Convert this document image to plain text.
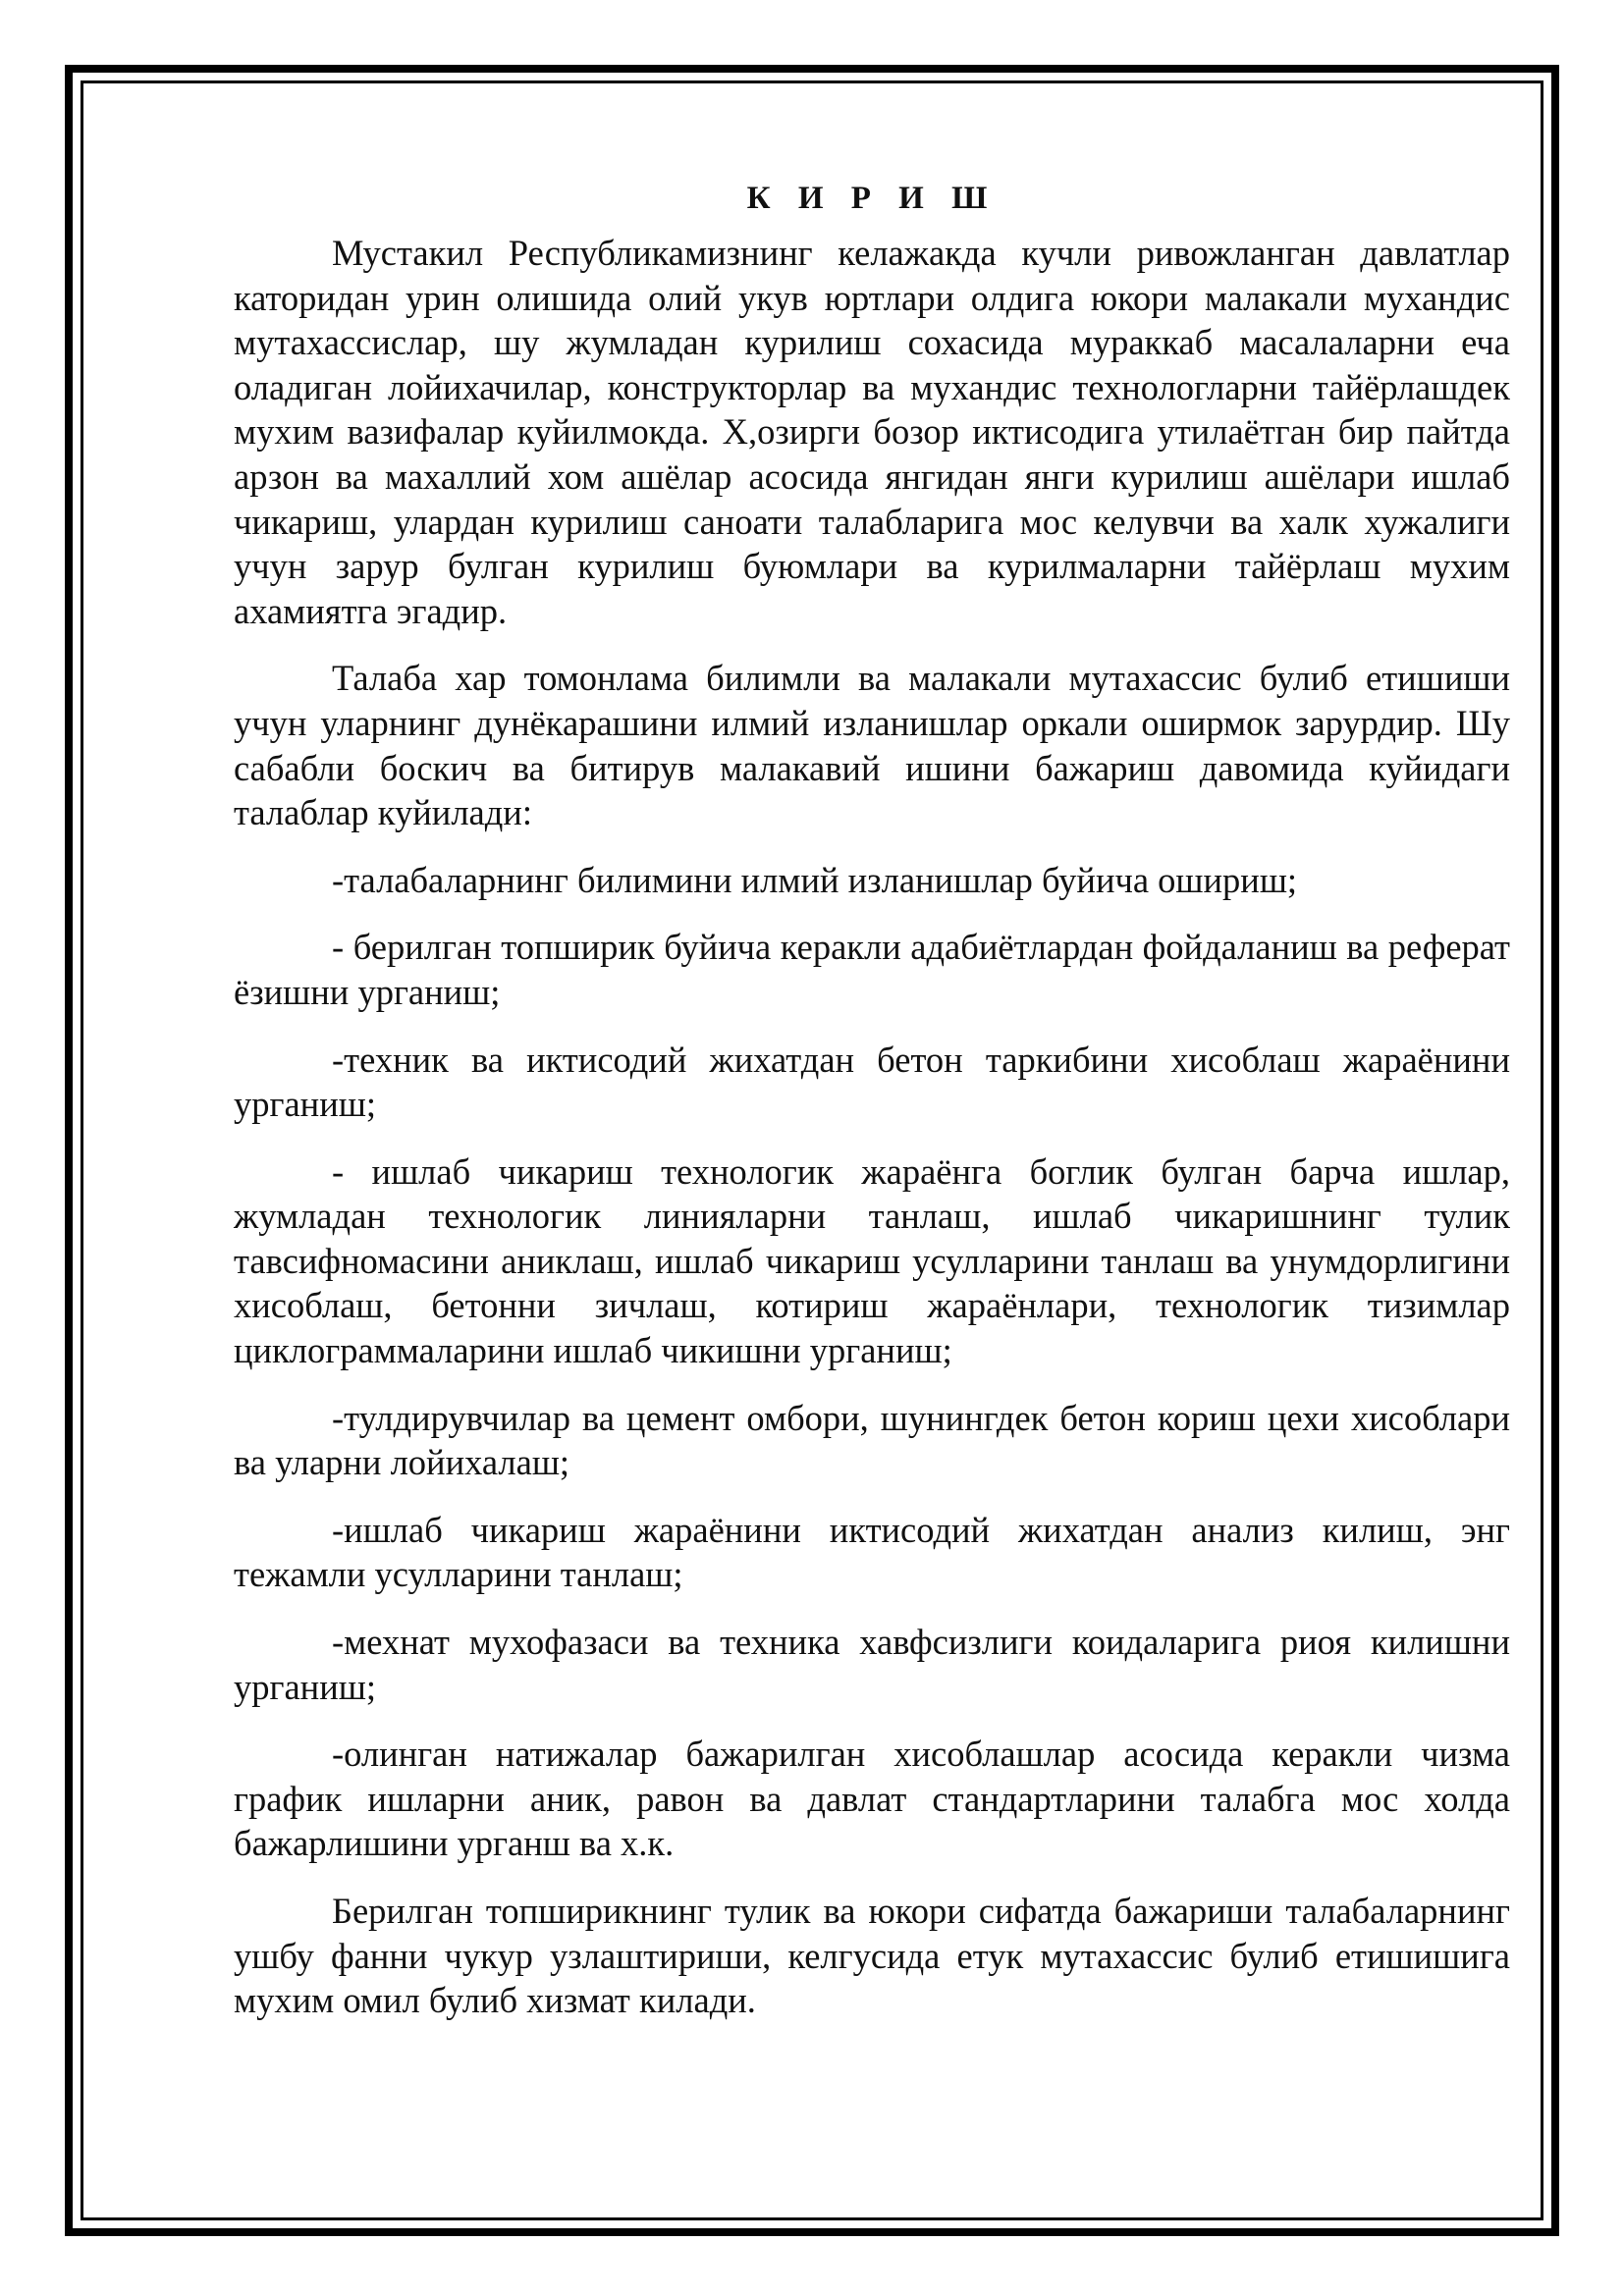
К И Р И Ш

Мустакил Республикамизнинг келажакда кучли ривожланган давлатлар каторидан урин олишида олий укув юртлари олдига юкори малакали мухандис мутахассислар, шу жумладан курилиш сохасида мураккаб масалаларни еча оладиган лойихачилар, конструкторлар ва мухандис технологларни тайёрлашдек мухим вазифалар куйилмокда. Х,озирги бозор иктисодига утилаётган бир пайтда арзон ва махаллий хом ашёлар асосида янгидан янги курилиш ашёлари ишлаб чикариш, улардан курилиш саноати талабларига мос келувчи ва халк хужалиги учун зарур булган курилиш буюмлари ва курилмаларни тайёрлаш мухим ахамиятга эгадир.

Талаба хар томонлама билимли ва малакали мутахассис булиб етишиши учун уларнинг дунёкарашини илмий изланишлар оркали оширмок зарурдир. Шу сабабли боскич ва битирув малакавий ишини бажариш давомида куйидаги талаблар куйилади:

-талабаларнинг билимини илмий изланишлар буйича ошириш;

- берилган топширик буйича керакли адабиётлардан фойдаланиш ва реферат ёзишни урганиш;

-техник ва иктисодий жихатдан бетон таркибини хисоблаш жараёнини урганиш;

- ишлаб чикариш технологик жараёнга боглик булган барча ишлар, жумладан технологик линияларни танлаш, ишлаб чикаришнинг тулик тавсифномасини аниклаш, ишлаб чикариш усулларини танлаш ва унумдорлигини хисоблаш, бетонни зичлаш, котириш жараёнлари, технологик тизимлар циклограммаларини ишлаб чикишни урганиш;

-тулдирувчилар ва цемент омбори, шунингдек бетон кориш цехи хисоблари ва уларни лойихалаш;

-ишлаб чикариш жараёнини иктисодий жихатдан анализ килиш, энг тежамли усулларини танлаш;

-мехнат мухофазаси ва техника хавфсизлиги коидаларига риоя килишни урганиш;

-олинган натижалар бажарилган хисоблашлар асосида керакли чизма график ишларни аник, равон ва давлат стандартларини талабга мос холда бажарлишини урганш ва х.к.

Берилган топширикнинг тулик ва юкори сифатда бажариши талабаларнинг ушбу фанни чукур узлаштириши, келгусида етук мутахассис булиб етишишига мухим омил булиб хизмат килади.
